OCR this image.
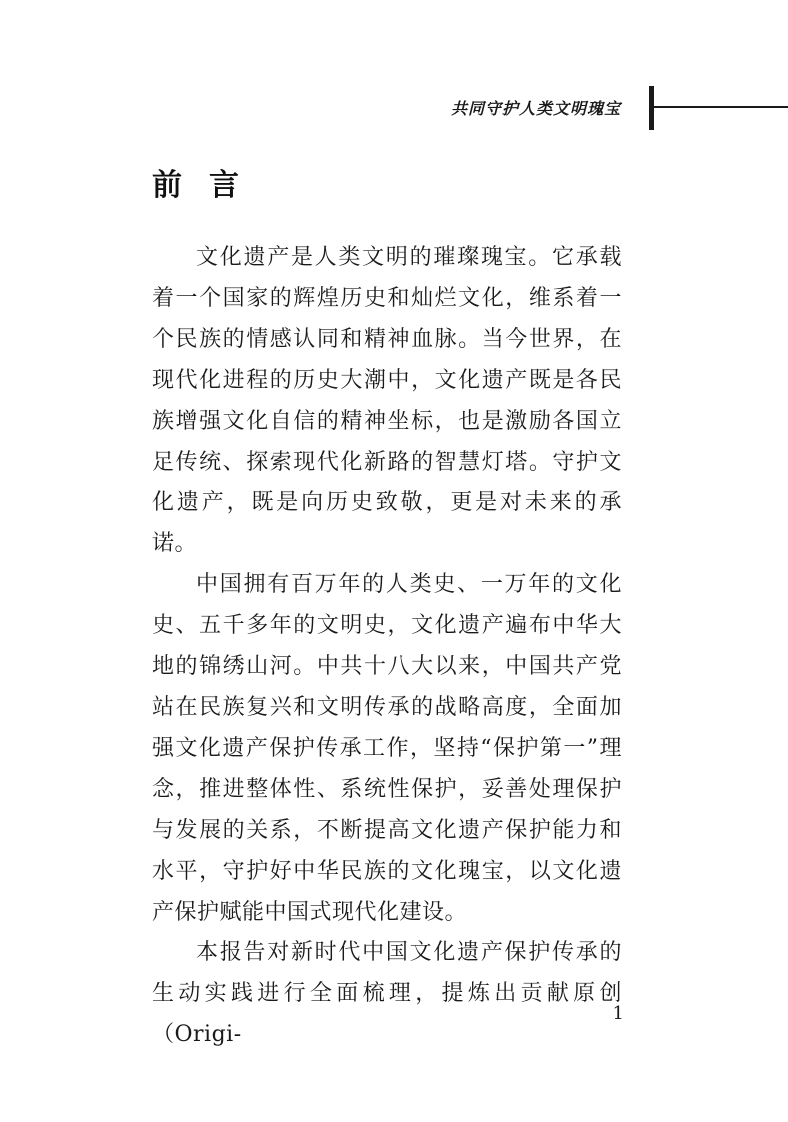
共同守护人类文明瑰宝
前言

文化遗产是人类文明的璀璨瑰宝。它承载着一个国家的辉煌历史和灿烂文化，维系着一个民族的情感认同和精神血脉。当今世界，在现代化进程的历史大潮中，文化遗产既是各民族增强文化自信的精神坐标，也是激励各国立足传统、探索现代化新路的智慧灯塔。守护文化遗产，既是向历史致敬，更是对未来的承诺。

中国拥有百万年的人类史、一万年的文化史、五千多年的文明史，文化遗产遍布中华大地的锦绣山河。中共十八大以来，中国共产党站在民族复兴和文明传承的战略高度，全面加强文化遗产保护传承工作，坚持“保护第一”理念，推进整体性、系统性保护，妥善处理保护与发展的关系，不断提高文化遗产保护能力和水平，守护好中华民族的文化瑰宝，以文化遗产保护赋能中国式现代化建设。

本报告对新时代中国文化遗产保护传承的生动实践进行全面梳理，提炼出贡献原创（Origi-

1
